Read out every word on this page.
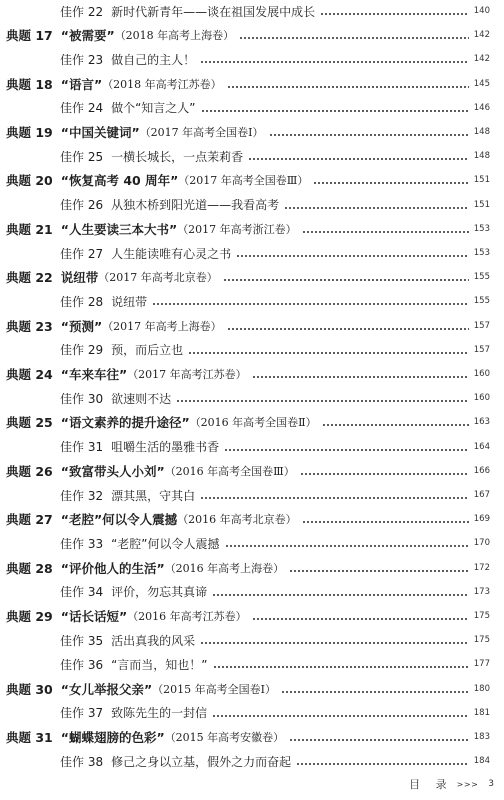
佳作 22 新时代新青年——谈在祖国发展中成长	140
典题 17 “被需要” （2018 年高考上海卷）	142
佳作 23 做自己的主人！	142
典题 18 “语言” （2018 年高考江苏卷）	145
佳作 24 做个“知言之人”	146
典题 19 “中国关键词” （2017 年高考全国卷Ⅰ）	148
佳作 25 一横长城长，一点茉莉香	148
典题 20 “恢复高考 40 周年” （2017 年高考全国卷Ⅲ）	151
佳作 26 从独木桥到阳光道——我看高考	151
典题 21 “人生要读三本大书” （2017 年高考浙江卷）	153
佳作 27 人生能读唯有心灵之书	153
典题 22 说纽带 （2017 年高考北京卷）	155
佳作 28 说纽带	155
典题 23 “预测” （2017 年高考上海卷）	157
佳作 29 预，而后立也	157
典题 24 “车来车往” （2017 年高考江苏卷）	160
佳作 30 欲速则不达	160
典题 25 “语文素养的提升途径” （2016 年高考全国卷Ⅱ）	163
佳作 31 咀嚼生活的墨雅书香	164
典题 26 “致富带头人小刘” （2016 年高考全国卷Ⅲ）	166
佳作 32 漂其黑，守其白	167
典题 27 “老腔”何以令人震撼 （2016 年高考北京卷）	169
佳作 33 “老腔”何以令人震撼	170
典题 28 “评价他人的生活” （2016 年高考上海卷）	172
佳作 34 评价，勿忘其真谛	173
典题 29 “话长话短” （2016 年高考江苏卷）	175
佳作 35 活出真我的风采	175
佳作 36 “言而当，知也！”	177
典题 30 “女儿举报父亲” （2015 年高考全国卷Ⅰ）	180
佳作 37 致陈先生的一封信	181
典题 31 “蝴蝶翅膀的色彩” （2015 年高考安徽卷）	183
佳作 38 修己之身以立基，假外之力而奋起	184
目 录 >>> 3
